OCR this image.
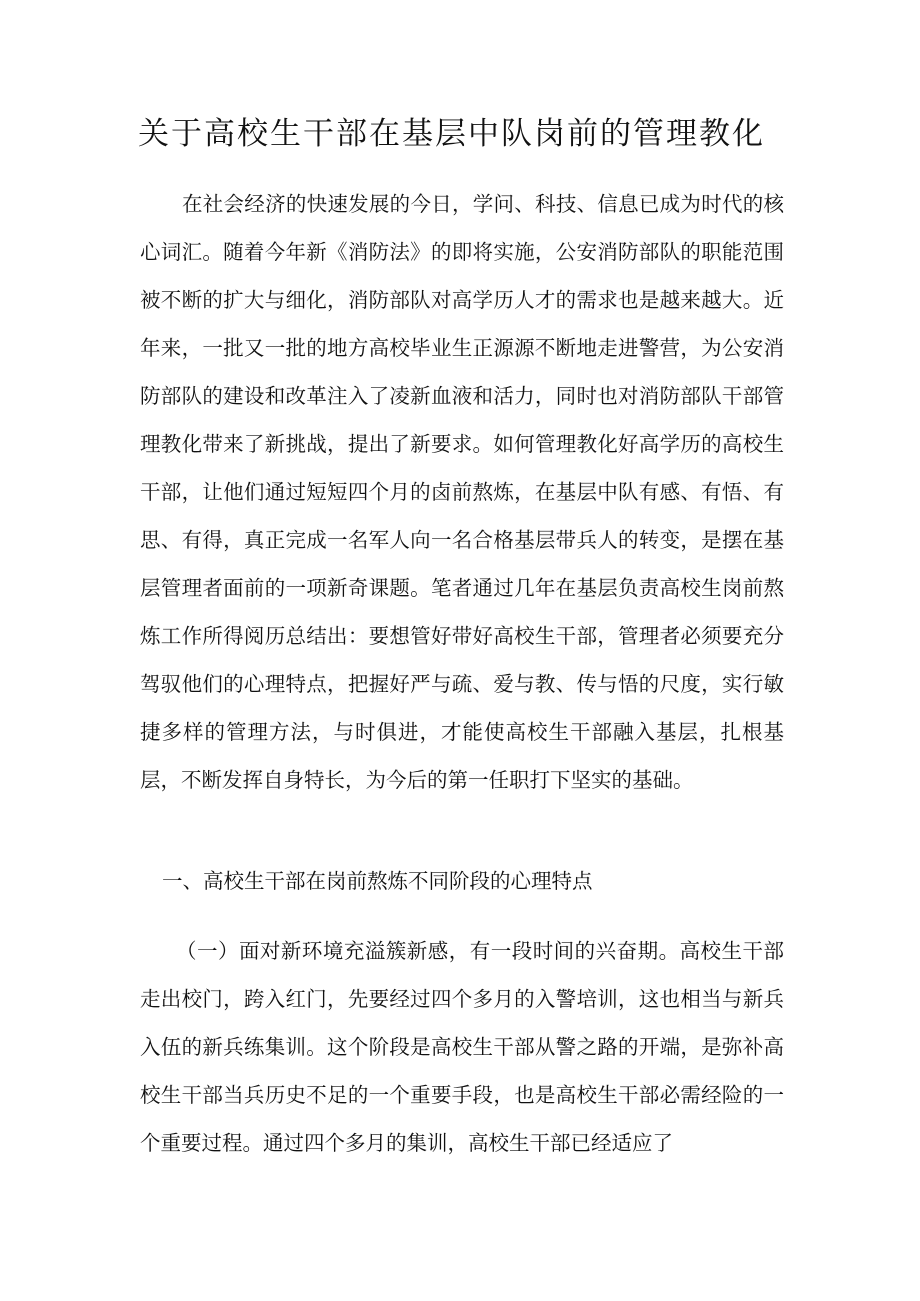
关于高校生干部在基层中队岗前的管理教化

在社会经济的快速发展的今日，学问、科技、信息已成为时代的核心词汇。随着今年新《消防法》的即将实施，公安消防部队的职能范围被不断的扩大与细化，消防部队对高学历人才的需求也是越来越大。近年来，一批又一批的地方高校毕业生正源源不断地走进警营，为公安消防部队的建设和改革注入了凌新血液和活力，同时也对消防部队干部管理教化带来了新挑战，提出了新要求。如何管理教化好高学历的高校生干部，让他们通过短短四个月的卤前熬炼，在基层中队有感、有悟、有思、有得，真正完成一名军人向一名合格基层带兵人的转变，是摆在基层管理者面前的一项新奇课题。笔者通过几年在基层负责高校生岗前熬炼工作所得阅历总结出：要想管好带好高校生干部，管理者必须要充分驾驭他们的心理特点，把握好严与疏、爱与教、传与悟的尺度，实行敏捷多样的管理方法，与时俱进，才能使高校生干部融入基层，扎根基层，不断发挥自身特长，为今后的第一任职打下坚实的基础。

一、高校生干部在岗前熬炼不同阶段的心理特点

（一）面对新环境充溢簇新感，有一段时间的兴奋期。高校生干部走出校门，跨入红门，先要经过四个多月的入警培训，这也相当与新兵入伍的新兵练集训。这个阶段是高校生干部从警之路的开端，是弥补高校生干部当兵历史不足的一个重要手段，也是高校生干部必需经险的一个重要过程。通过四个多月的集训，高校生干部已经适应了
